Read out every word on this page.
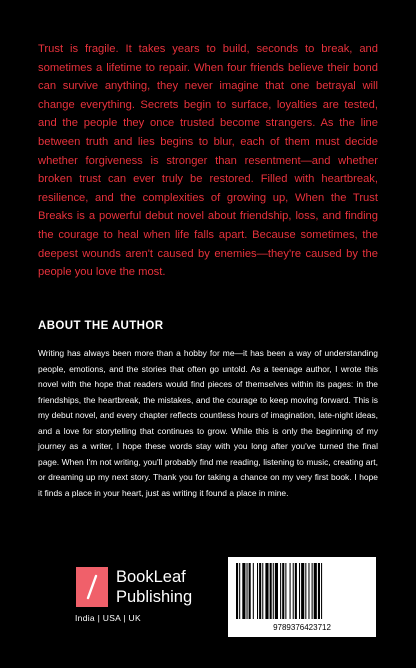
Trust is fragile. It takes years to build, seconds to break, and sometimes a lifetime to repair. When four friends believe their bond can survive anything, they never imagine that one betrayal will change everything. Secrets begin to surface, loyalties are tested, and the people they once trusted become strangers. As the line between truth and lies begins to blur, each of them must decide whether forgiveness is stronger than resentment—and whether broken trust can ever truly be restored. Filled with heartbreak, resilience, and the complexities of growing up, When the Trust Breaks is a powerful debut novel about friendship, loss, and finding the courage to heal when life falls apart. Because sometimes, the deepest wounds aren't caused by enemies—they're caused by the people you love the most.

ABOUT THE AUTHOR

Writing has always been more than a hobby for me—it has been a way of understanding people, emotions, and the stories that often go untold. As a teenage author, I wrote this novel with the hope that readers would find pieces of themselves within its pages: in the friendships, the heartbreak, the mistakes, and the courage to keep moving forward. This is my debut novel, and every chapter reflects countless hours of imagination, late-night ideas, and a love for storytelling that continues to grow. While this is only the beginning of my journey as a writer, I hope these words stay with you long after you've turned the final page. When I'm not writing, you'll probably find me reading, listening to music, creating art, or dreaming up my next story. Thank you for taking a chance on my very first book. I hope it finds a place in your heart, just as writing it found a place in mine.

BookLeaf
Publishing

India | USA | UK

9789376423712
